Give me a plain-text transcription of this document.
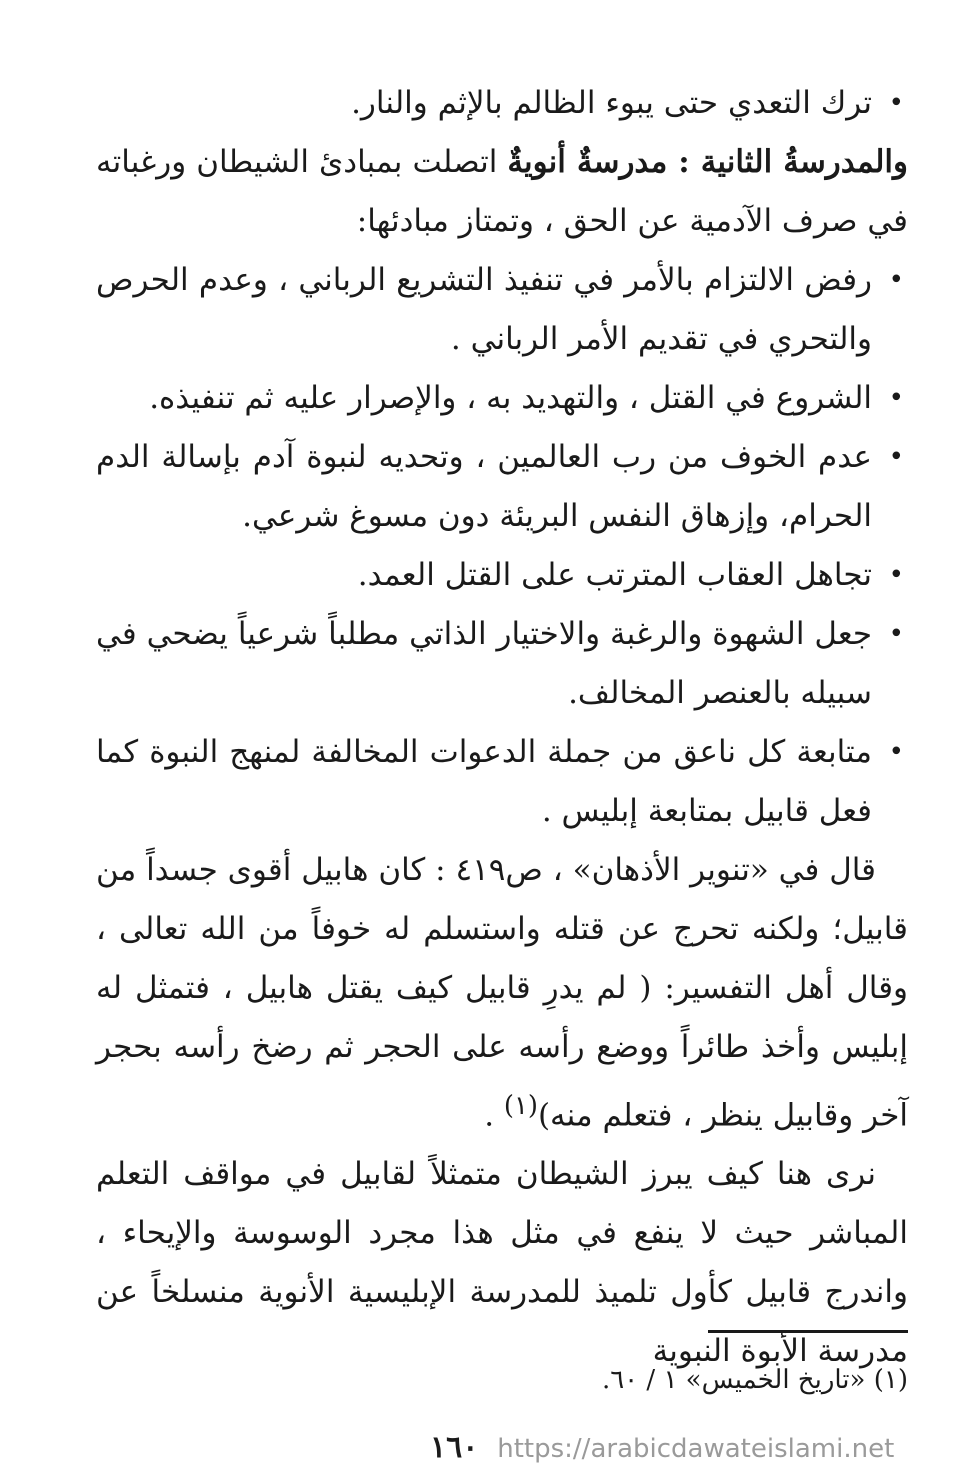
•
ترك التعدي حتى يبوء الظالم بالإثم والنار.

والمدرسةُ الثانية : مدرسةٌ أنويةٌ اتصلت بمبادئ الشيطان ورغباته في صرف الآدمية عن الحق ، وتمتاز مبادئها:

•
رفض الالتزام بالأمر في تنفيذ التشريع الرباني ، وعدم الحرص والتحري في تقديم الأمر الرباني .
•
الشروع في القتل ، والتهديد به ، والإصرار عليه ثم تنفيذه.
•
عدم الخوف من رب العالمين ، وتحديه لنبوة آدم بإسالة الدم الحرام، وإزهاق النفس البريئة دون مسوغ شرعي.
•
تجاهل العقاب المترتب على القتل العمد.
•
جعل الشهوة والرغبة والاختيار الذاتي مطلباً شرعياً يضحي في سبيله بالعنصر المخالف.
•
متابعة كل ناعق من جملة الدعوات المخالفة لمنهج النبوة كما فعل قابيل بمتابعة إبليس .

قال في «تنوير الأذهان» ، ص٤١٩ : كان هابيل أقوى جسداً من قابيل؛ ولكنه تحرج عن قتله واستسلم له خوفاً من الله تعالى ، وقال أهل التفسير: ( لم يدرِ قابيل كيف يقتل هابيل ، فتمثل له إبليس وأخذ طائراً ووضع رأسه على الحجر ثم رضخ رأسه بحجر آخر وقابيل ينظر ، فتعلم منه)$^{(١)}$ .

نرى هنا كيف يبرز الشيطان متمثلاً لقابيل في مواقف التعلم المباشر حيث لا ينفع في مثل هذا مجرد الوسوسة والإيحاء ، واندرج قابيل كأول تلميذ للمدرسة الإبليسية الأنوية منسلخاً عن مدرسة الأبوة النبوية

(١) «تاريخ الخميس» ١ / ٦٠.
١٦٠ https://arabicdawateislami.net
